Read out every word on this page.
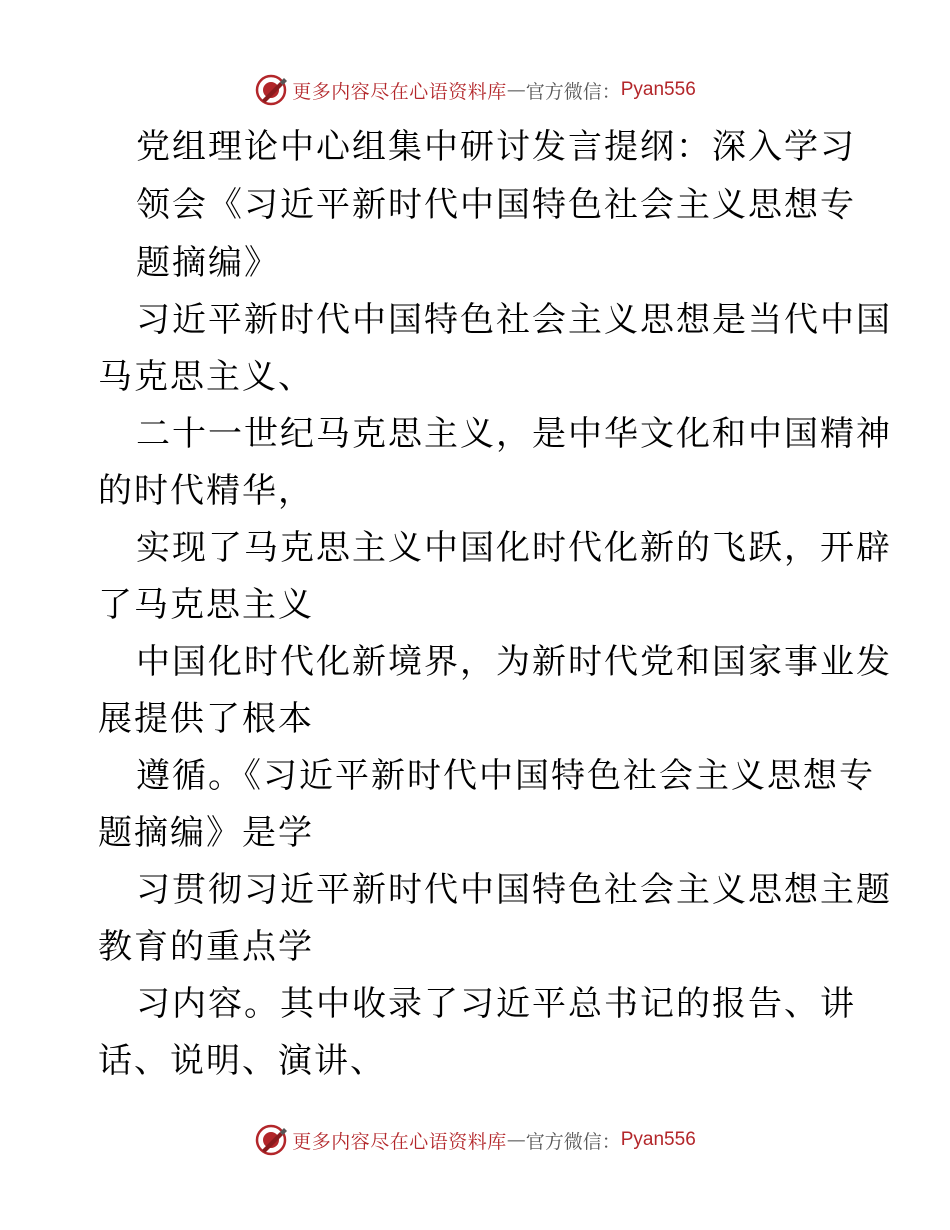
更多内容尽在心语资料库 — 官方微信： Pyan556
党组理论中心组集中研讨发言提纲：深入学习
领会《习近平新时代中国特色社会主义思想专
题摘编》
习近平新时代中国特色社会主义思想是当代中国
马克思主义、
二十一世纪马克思主义，是中华文化和中国精神
的时代精华，
实现了马克思主义中国化时代化新的飞跃，开辟
了马克思主义
中国化时代化新境界，为新时代党和国家事业发
展提供了根本
遵循。《习近平新时代中国特色社会主义思想专
题摘编》是学
习贯彻习近平新时代中国特色社会主义思想主题
教育的重点学
习内容。其中收录了习近平总书记的报告、讲
话、说明、演讲、
更多内容尽在心语资料库 — 官方微信： Pyan556
